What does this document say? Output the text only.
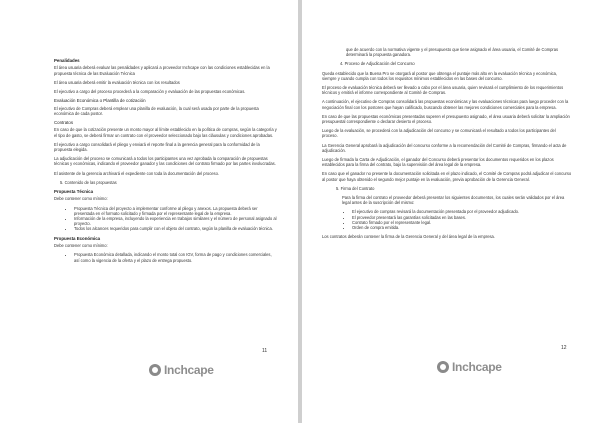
Penalidades
El área usuaria deberá evaluar las penalidades y aplicará a proveedor Inchcape con las condiciones establecidas en la propuesta técnica de las Evaluación Técnica
El área usuaria deberá emitir la evaluación técnica con los resultados
El ejecutivo a cargo del proceso procederá a la comparación y evaluación de las propuestas económicas.
Evaluación Económica o Plantilla de cotización
El ejecutivo de Compras deberá emplear una planilla de evaluación, la cual será usada por parte de la propuesta económica de cada postor.
Contratos
En caso de que la cotización presente un monto mayor al límite establecido en la política de compras, según la categoría y el tipo de gasto, se deberá firmar un contrato con el proveedor seleccionado bajo las cláusulas y condiciones aprobadas.
El ejecutivo a cargo consolidará el pliego y enviará el reporte final a la gerencia general para la conformidad de la propuesta elegida.
La adjudicación del proceso se comunicará a todos los participantes una vez aprobada la comparación de propuestas técnicas y económicas, indicando el proveedor ganador y las condiciones del contrato firmado por las partes involucradas.
El asistente de la gerencia archivará el expediente con toda la documentación del proceso.
5. Contenido de las propuestas
Propuesta Técnica
Debe contener como mínimo:
• Propuesta Técnica del proyecto a implementar conforme al pliego y anexos. La propuesta deberá ser presentada en el formato solicitado y firmada por el representante legal de la empresa.
• Información de la empresa, incluyendo la experiencia en trabajos similares y el número de personal asignado al proyecto.
• Todos los alcances requeridos para cumplir con el objeto del contrato, según la planilla de evaluación técnica.
Propuesta Económica
Debe contener como mínimo:
• Propuesta Económica detallada, indicando el monto total con IGV, forma de pago y condiciones comerciales, así como la vigencia de la oferta y el plazo de entrega propuesto.
11
Inchcape
que de acuerdo con la normativa vigente y el presupuesto que tiene asignado el área usuaria, el Comité de Compras determinará la propuesta ganadora.
4. Proceso de Adjudicación del Concurso
Queda establecido que la Buena Pro se otorgará al postor que obtenga el puntaje más alto en la evaluación técnica y económica, siempre y cuando cumpla con todos los requisitos mínimos establecidos en las bases del concurso.
El proceso de evaluación técnica deberá ser llevado a cabo por el área usuaria, quien revisará el cumplimiento de los requerimientos técnicos y emitirá el informe correspondiente al Comité de Compras.
A continuación, el ejecutivo de Compras consolidará las propuestas económicas y las evaluaciones técnicas para luego proceder con la negociación final con los postores que hayan calificado, buscando obtener las mejores condiciones comerciales para la empresa.
En caso de que las propuestas económicas presentadas superen el presupuesto asignado, el área usuaria deberá solicitar la ampliación presupuestal correspondiente o declarar desierto el proceso.
Luego de la evaluación, se procederá con la adjudicación del concurso y se comunicará el resultado a todos los participantes del proceso.
La Gerencia General aprobará la adjudicación del concurso conforme a la recomendación del Comité de Compras, firmando el acta de adjudicación.
Luego de firmada la Carta de Adjudicación, el ganador del Concurso deberá presentar los documentos requeridos en los plazos establecidos para la firma del contrato, bajo la supervisión del área legal de la empresa.
En caso que el ganador no presente la documentación solicitada en el plazo indicado, el Comité de Compras podrá adjudicar el concurso al postor que haya obtenido el segundo mejor puntaje en la evaluación, previa aprobación de la Gerencia General.
5. Firma del Contrato
Para la firma del contrato el proveedor deberá presentar los siguientes documentos, los cuales serán validados por el área legal antes de la suscripción del mismo:
• El ejecutivo de compras revisará la documentación presentada por el proveedor adjudicado.
• El proveedor presentará las garantías solicitadas en las bases.
• Contrato firmado por el representante legal.
• Orden de compra emitida.
Los contratos deberán contener la firma de la Gerencia General y del área legal de la empresa.
12
Inchcape
